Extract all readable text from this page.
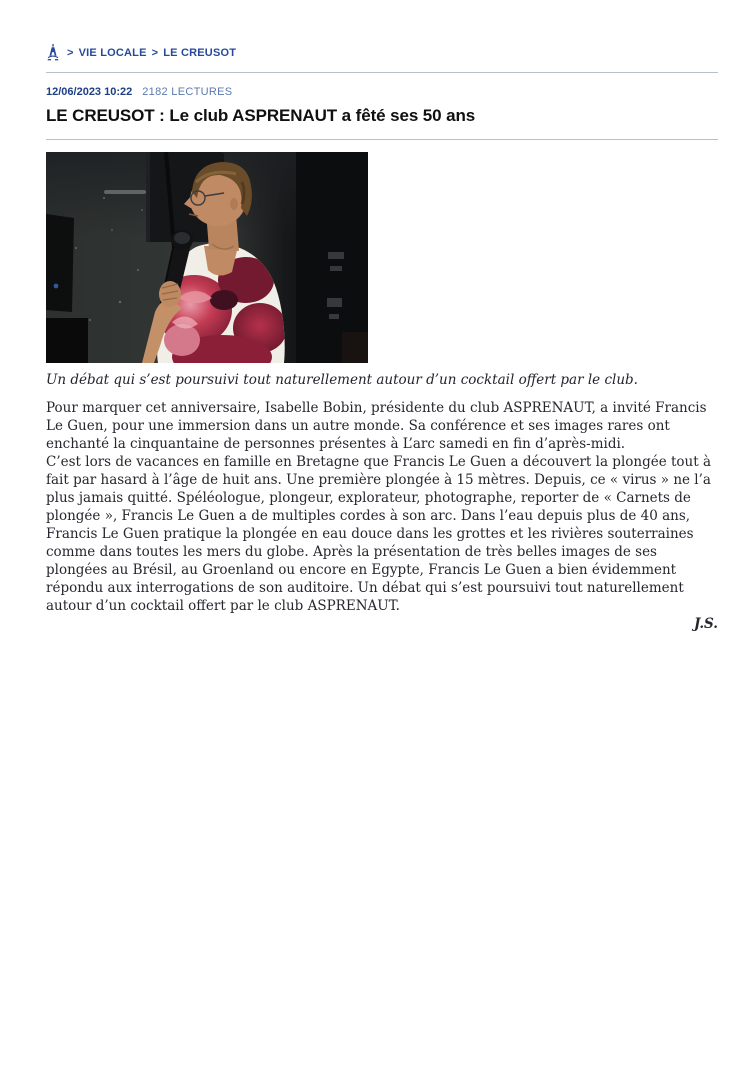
> VIE LOCALE > LE CREUSOT
12/06/2023 10:22 2182 LECTURES
LE CREUSOT : Le club ASPRENAUT a fêté ses 50 ans
Un débat qui s’est poursuivi tout naturellement autour d’un cocktail offert par le club.

Pour marquer cet anniversaire, Isabelle Bobin, présidente du club ASPRENAUT, a invité Francis Le Guen, pour une immersion dans un autre monde. Sa conférence et ses images rares ont enchanté la cinquantaine de personnes présentes à L’arc samedi en fin d’après-midi.

C’est lors de vacances en famille en Bretagne que Francis Le Guen a découvert la plongée tout à fait par hasard à l’âge de huit ans. Une première plongée à 15 mètres. Depuis, ce « virus » ne l’a plus jamais quitté. Spéléologue, plongeur, explorateur, photographe, reporter de « Carnets de plongée », Francis Le Guen a de multiples cordes à son arc. Dans l’eau depuis plus de 40 ans, Francis Le Guen pratique la plongée en eau douce dans les grottes et les rivières souterraines comme dans toutes les mers du globe. Après la présentation de très belles images de ses plongées au Brésil, au Groenland ou encore en Egypte, Francis Le Guen a bien évidemment répondu aux interrogations de son auditoire. Un débat qui s’est poursuivi tout naturellement autour d’un cocktail offert par le club ASPRENAUT.

J.S.
